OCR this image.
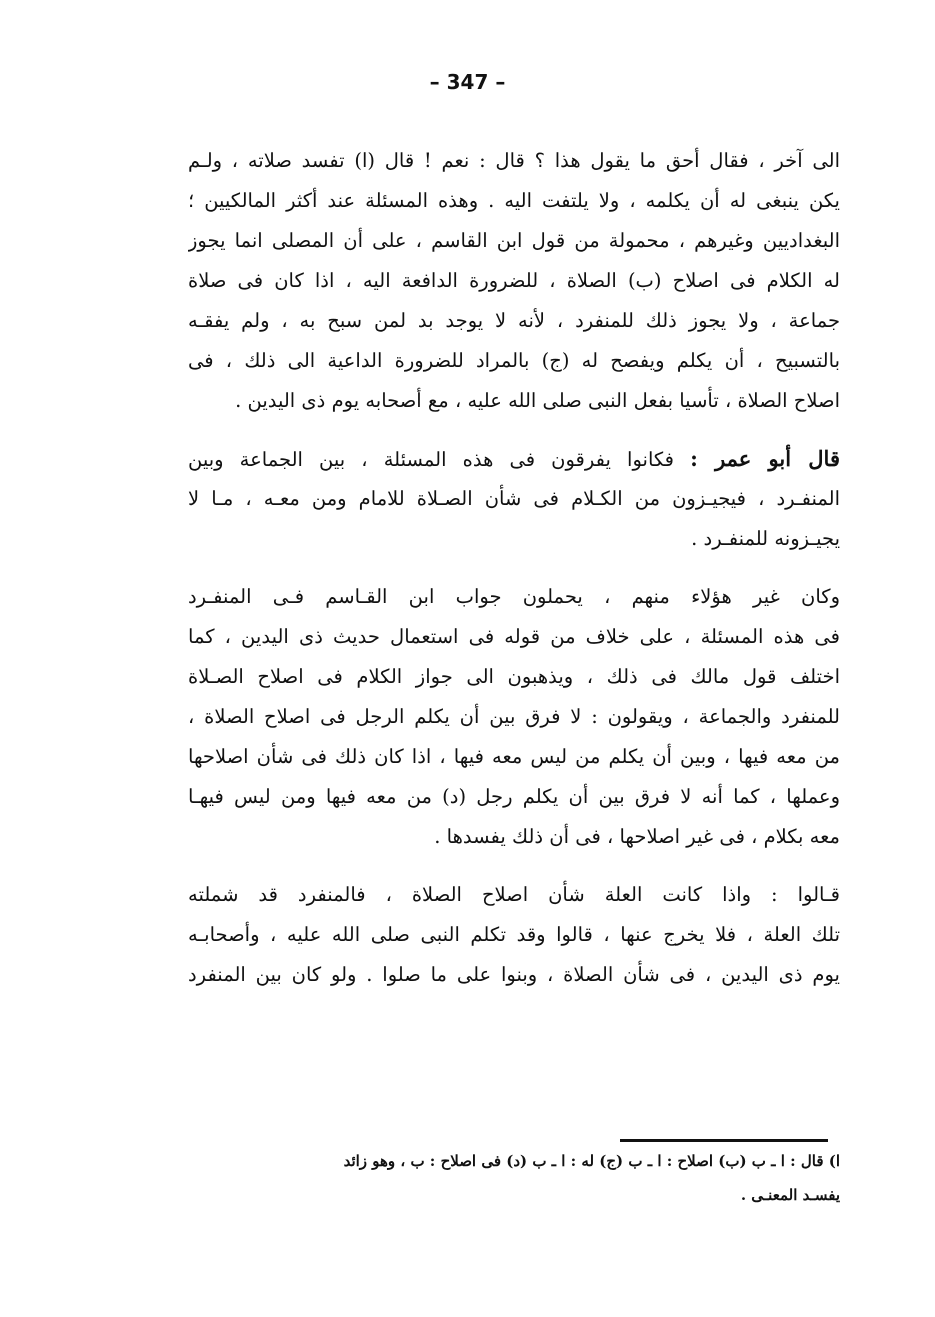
– 347 –
الى آخر ، فقال أحق ما يقول هذا ؟ قال : نعم ! قال (ا) تفسد صلاته ، ولـم
يكن ينبغى له أن يكلمه ، ولا يلتفت اليه . وهذه المسئلة عند أكثر المالكيين ؛
البغداديين وغيرهم ، محمولة من قول ابن القاسم ، على أن المصلى انما يجوز
له الكلام فى اصلاح (ب) الصلاة ، للضرورة الدافعة اليه ، اذا كان فى صلاة
جماعة ، ولا يجوز ذلك للمنفرد ، لأنه لا يوجد بد لمن سبح به ، ولم يفقـه
بالتسبيح ، أن يكلم ويفصح له (ج) بالمراد للضرورة الداعية الى ذلك ، فى
اصلاح الصلاة ، تأسيا بفعل النبى صلى الله عليه ، مع أصحابه يوم ذى اليدين .
قال أبو عمر : فكانوا يفرقون فى هذه المسئلة ، بين الجماعة وبين
المنفـرد ، فيجيـزون من الكـلام فى شأن الصـلاة للامام ومن معـه ، مـا لا
يجيـزونه للمنفـرد .
وكان غير هؤلاء منهم ، يحملون جواب ابن القـاسم فـى المنفـرد
فى هذه المسئلة ، على خلاف من قوله فى استعمال حديث ذى اليدين ، كما
اختلف قول مالك فى ذلك ، ويذهبون الى جواز الكلام فى اصلاح الصـلاة
للمنفرد والجماعة ، ويقولون : لا فرق بين أن يكلم الرجل فى اصلاح الصلاة ،
من معه فيها ، وبين أن يكلم من ليس معه فيها ، اذا كان ذلك فى شأن اصلاحها
وعملها ، كما أنه لا فرق بين أن يكلم رجل (د) من معه فيها ومن ليس فيهـا
معه بكلام ، فى غير اصلاحها ، فى أن ذلك يفسدها .
قـالوا : واذا كانت العلة شأن اصلاح الصلاة ، فالمنفرد قد شملته
تلك العلة ، فلا يخرج عنها ، قالوا وقد تكلم النبى صلى الله عليه ، وأصحابـه
يوم ذى اليدين ، فى شأن الصلاة ، وبنوا على ما صلوا . ولو كان بين المنفرد
ا) قال : ا ـ ب (ب) اصلاح : ا ـ ب (ج) له : ا ـ ب (د) فى اصلاح : ب ، وهو زائد
يفسـد المعنـى .
